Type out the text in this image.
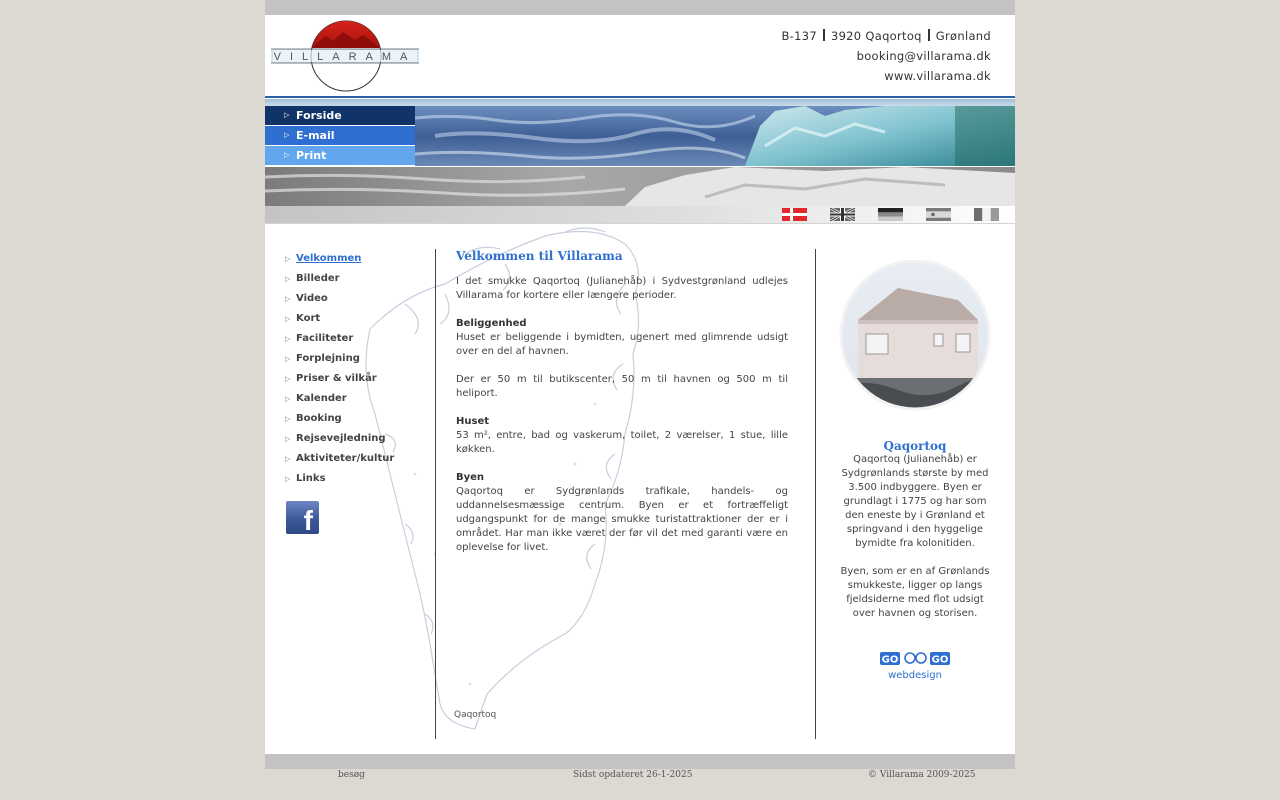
VILLARAMA
B-137 3920 Qaqortoq Grønland
booking@villarama.dk
www.villarama.dk
▷ Forside
▷ E-mail
▷ Print
▷ Velkommen
▷ Billeder
▷ Video
▷ Kort
▷ Faciliteter
▷ Forplejning
▷ Priser & vilkår
▷ Kalender
▷ Booking
▷ Rejsevejledning
▷ Aktiviteter/kultur
▷ Links
f
Velkommen til Villarama

I det smukke Qaqortoq (Julianehåb) i Sydvestgrønland udlejes Villarama for kortere eller længere perioder.

Beliggenhed
Huset er beliggende i bymidten, ugenert med glimrende udsigt over en del af havnen.

Der er 50 m til butikscenter, 50 m til havnen og 500 m til heliport.

Huset
53 m², entre, bad og vaskerum, toilet, 2 værelser, 1 stue, lille køkken.

Byen
Qaqortoq er Sydgrønlands trafikale, handels- og uddannelsesmæssige centrum. Byen er et fortræffeligt udgangspunkt for de mange smukke turistattraktioner der er i området. Har man ikke været der før vil det med garanti være en oplevelse for livet.

Qaqortoq
Qaqortoq

Qaqortoq (Julianehåb) er Sydgrønlands største by med 3.500 indbyggere. Byen er grundlagt i 1775 og har som den eneste by i Grønland et springvand i den hyggelige bymidte fra kolonitiden.

Byen, som er en af Grønlands smukkeste, ligger op langs fjeldsiderne med flot udsigt over havnen og storisen.

GO	GO
webdesign
besøg	Sidst opdateret 26-1-2025	© Villarama 2009-2025
